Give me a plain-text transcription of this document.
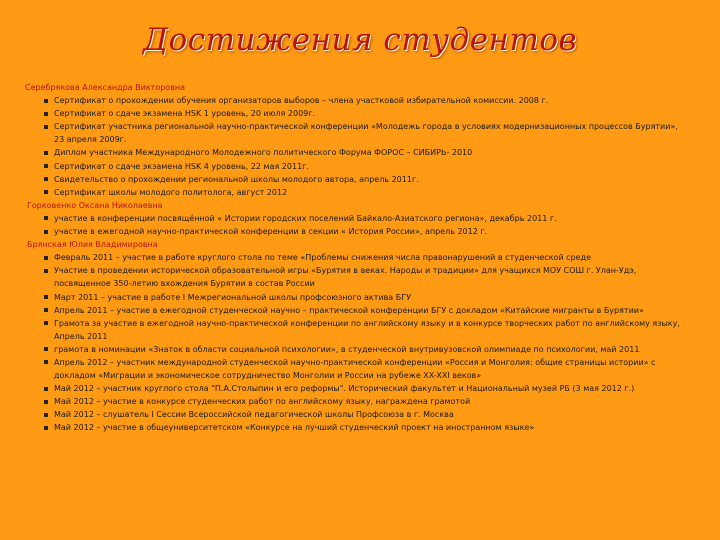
Достижения студентов
Серебрякова Александра Викторовна
Сертификат о прохождении обучения организаторов выборов – члена участковой избирательной комиссии. 2008 г.
Сертификат о сдаче экзамена HSK 1 уровень, 20 июля 2009г.
Сертификат участника региональной научно-практической конференции «Молодежь города в условиях модернизационных процессов Бурятии», 23 апреля 2009г.
Диплом участника Международного Молодежного политического Форума ФОРОС – СИБИРЬ- 2010
Сертификат о сдаче экзамена HSK 4 уровень, 22 мая 2011г.
Свидетельство о прохождении региональной школы молодого автора, апрель 2011г.
Сертификат школы молодого политолога, август 2012
Горковенко Оксана Николаевна
участие в конференции посвящённой « Истории городских поселений Байкало-Азиатского региона», декабрь 2011 г.
участие в ежегодной научно-практической конференции в секции « История России», апрель 2012 г.
Брянская Юлия Владимировна
Февраль 2011 – участие в работе круглого стола по теме «Проблемы снижения числа правонарушений в студенческой среде
Участие в проведении исторической образовательной игры «Бурятия в веках. Народы и традиции» для учащихся МОУ СОШ г. Улан-Удэ, посвященное 350-летию вхождения Бурятии в состав России
Март 2011 – участие в работе I Межрегиональной школы профсоюзного актива БГУ
Апрель 2011 – участие в ежегодной студенческой научно – практической конференции БГУ с докладом «Китайские мигранты в Бурятии»
Грамота за участие в ежегодной научно-практической конференции по английскому языку и в конкурсе творческих работ по английскому языку, Апрель 2011
грамота в номинации «Знаток в области социальной психологии», в студенческой внутривузовской олимпиаде по психологии, май 2011
Апрель 2012 – участник международной студенческой научно-практической конференции «Россия и Монголия: общие страницы истории» с докладом «Миграции и экономическое сотрудничество Монголии и России на рубеже XX-XXI веков»
Май 2012 – участник круглого стола "П.А.Столыпин и его реформы". Исторический факультет и Национальный музей РБ (3 мая 2012 г.)
Май 2012 – участие в конкурсе студенческих работ по английскому языку, награждена грамотой
Май 2012 – слушатель I Сессии Всероссийской педагогической школы Профсоюза в г. Москва
Май 2012 – участие в общеуниверситетском «Конкурсе на лучший студенческий проект на иностранном языке»
